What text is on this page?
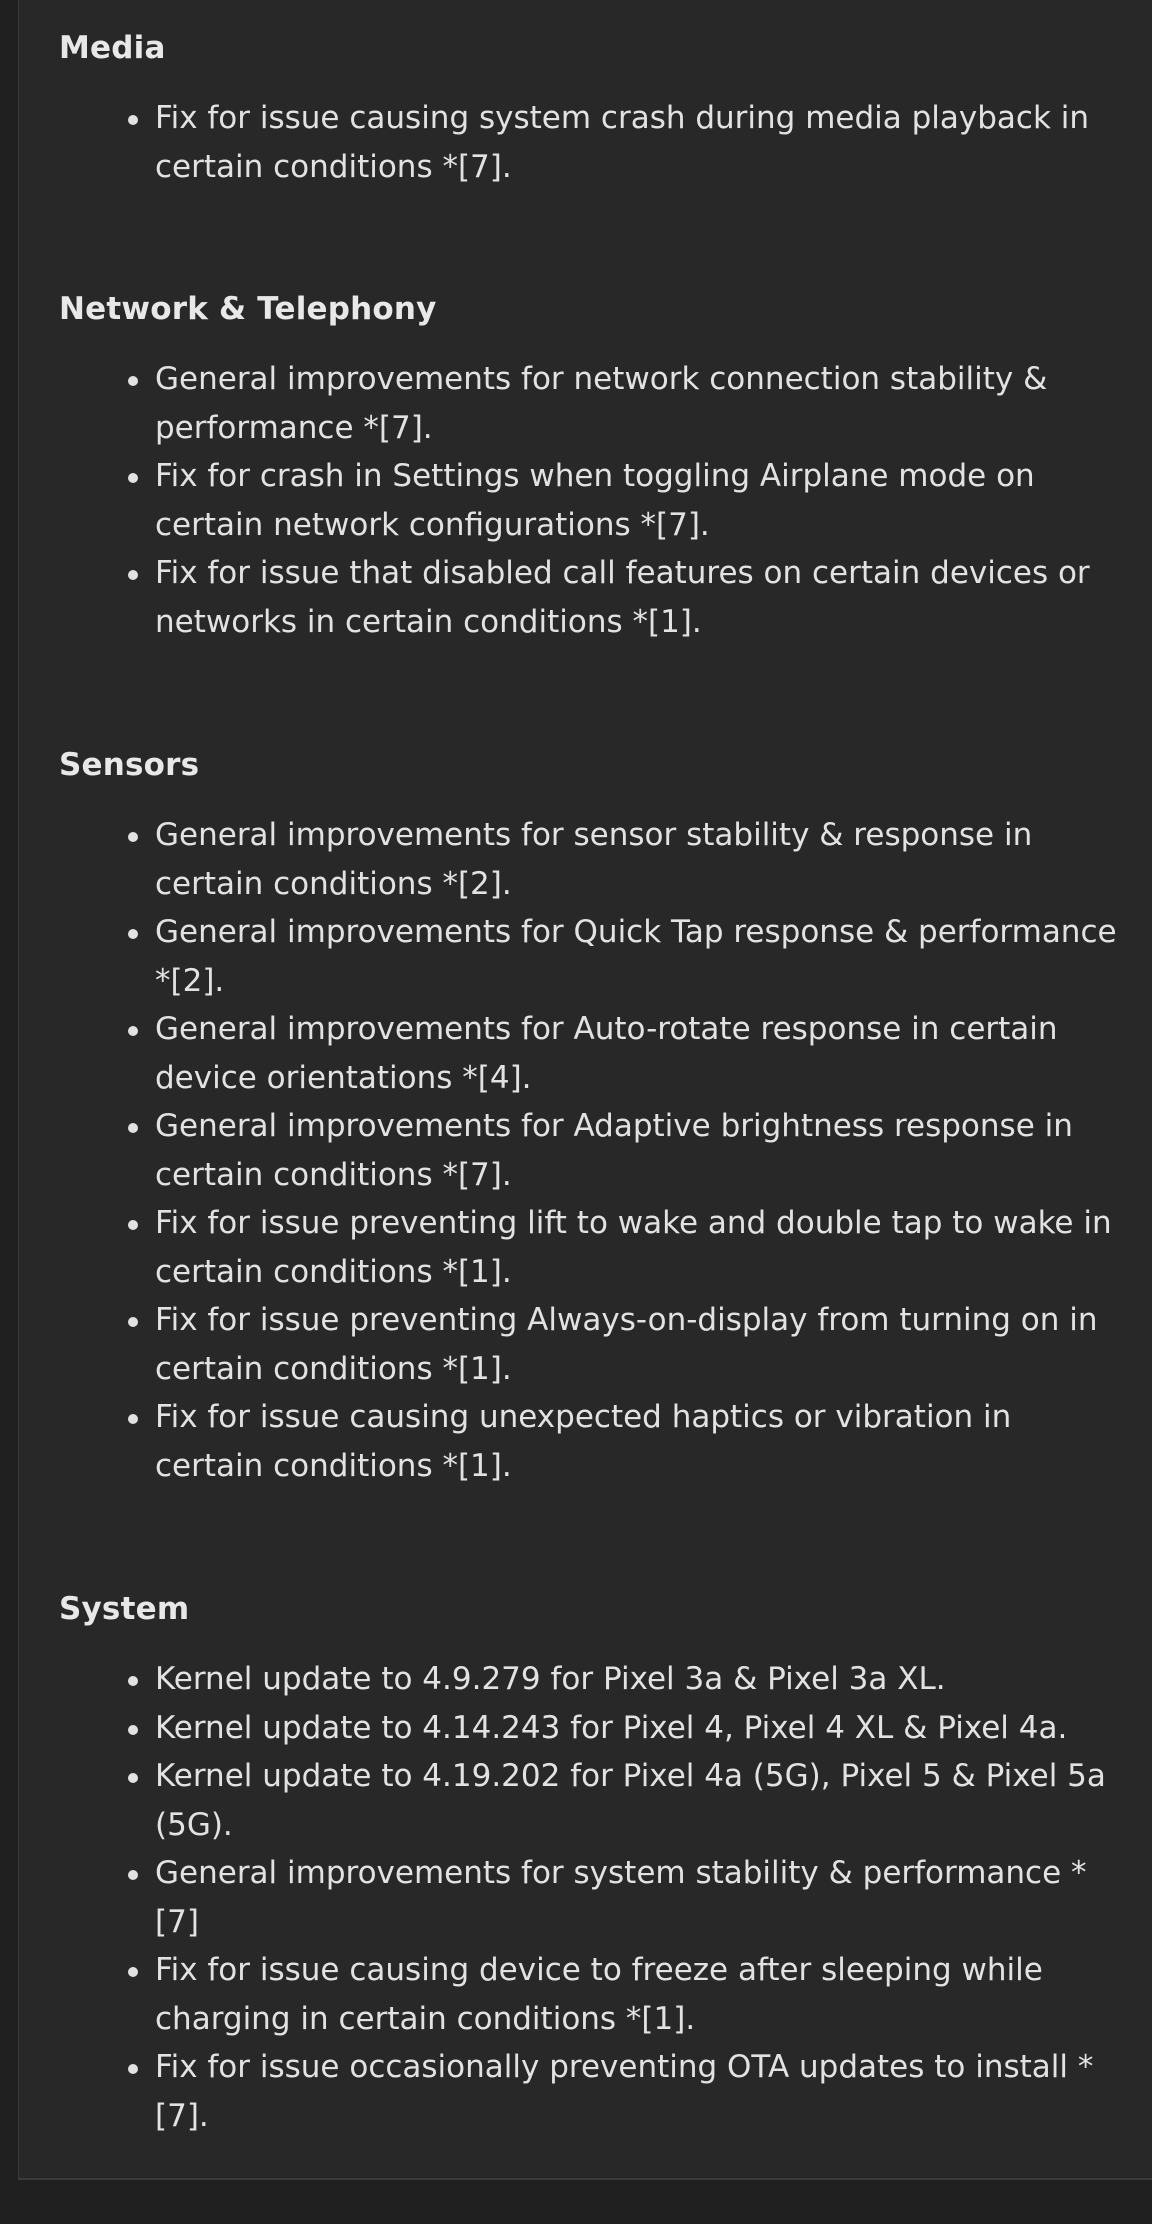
Media
Fix for issue causing system crash during media playback in certain conditions *[7].
Network & Telephony
General improvements for network connection stability & performance *[7].
Fix for crash in Settings when toggling Airplane mode on certain network configurations *[7].
Fix for issue that disabled call features on certain devices or networks in certain conditions *[1].
Sensors
General improvements for sensor stability & response in certain conditions *[2].
General improvements for Quick Tap response & performance *[2].
General improvements for Auto-rotate response in certain device orientations *[4].
General improvements for Adaptive brightness response in certain conditions *[7].
Fix for issue preventing lift to wake and double tap to wake in certain conditions *[1].
Fix for issue preventing Always-on-display from turning on in certain conditions *[1].
Fix for issue causing unexpected haptics or vibration in certain conditions *[1].
System
Kernel update to 4.9.279 for Pixel 3a & Pixel 3a XL.
Kernel update to 4.14.243 for Pixel 4, Pixel 4 XL & Pixel 4a.
Kernel update to 4.19.202 for Pixel 4a (5G), Pixel 5 & Pixel 5a (5G).
General improvements for system stability & performance *[7]
Fix for issue causing device to freeze after sleeping while charging in certain conditions *[1].
Fix for issue occasionally preventing OTA updates to install *[7].
